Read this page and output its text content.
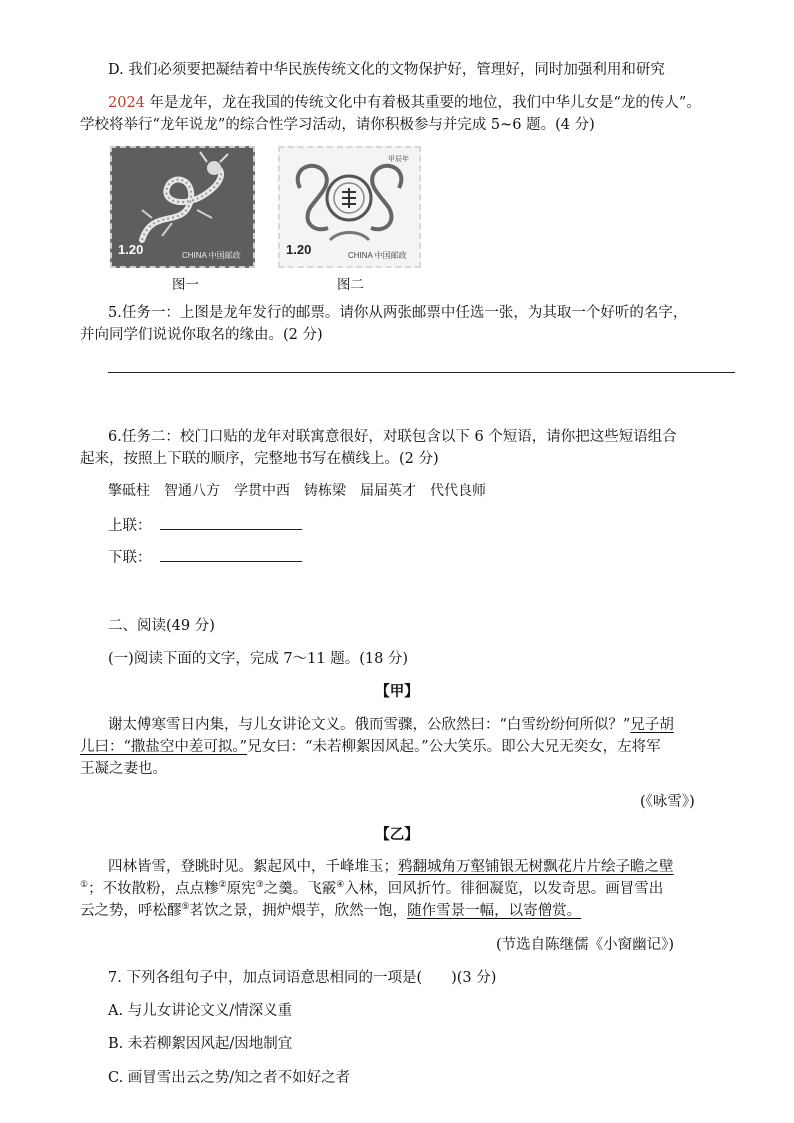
D. 我们必须要把凝结着中华民族传统文化的文物保护好，管理好，同时加强利用和研究
2024 年是龙年，龙在我国的传统文化中有着极其重要的地位，我们中华儿女是“龙的传人”。
学校将举行“龙年说龙”的综合性学习活动，请你积极参与并完成 5~6 题。(4 分)
1.20	CHINA 中国邮政
甲辰年
1.20	CHINA 中国邮政
图一	图二
5.任务一：上图是龙年发行的邮票。请你从两张邮票中任选一张，为其取一个好听的名字，
并向同学们说说你取名的缘由。(2 分)
6.任务二：校门口贴的龙年对联寓意很好，对联包含以下 6 个短语，请你把这些短语组合
起来，按照上下联的顺序，完整地书写在横线上。(2 分)
擎砥柱 智通八方 学贯中西 铸栋梁 届届英才 代代良师
上联：
下联：
二、阅读(49 分)
(一)阅读下面的文字，完成 7～11 题。(18 分)
【甲】
谢太傅寒雪日内集，与儿女讲论文义。俄而雪骤，公欣然曰：“白雪纷纷何所似？”兄子胡
儿曰：“撒盐空中差可拟。”兄女曰：“未若柳絮因风起。”公大笑乐。即公大兄无奕女，左将军
王凝之妻也。
(《咏雪》)
【乙】
四林皆雪，登眺时见。絮起风中，千峰堆玉；鸦翻城角万壑铺银无树飘花片片绘子瞻之壁
①；不妆散粉，点点糁②原宪③之羹。飞霰④入林，回风折竹。徘徊凝览，以发奇思。画冒雪出
云之势，呼松醪⑤茗饮之景，拥炉煨芋，欣然一饱，随作雪景一幅，以寄僧赏。
(节选自陈继儒《小窗幽记》)
7. 下列各组句子中，加点词语意思相同的一项是(　　)(3 分)
A. 与儿女讲论文义/情深义重
B. 未若柳絮因风起/因地制宜
C. 画冒雪出云之势/知之者不如好之者
